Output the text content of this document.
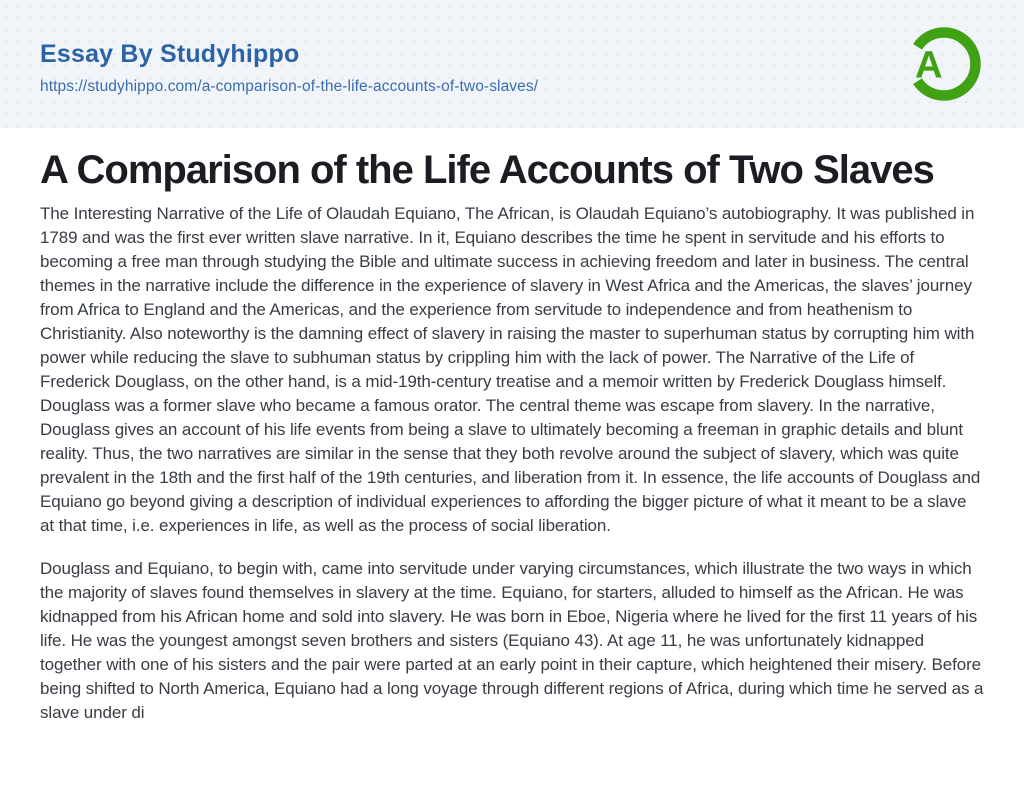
Essay By Studyhippo
https://studyhippo.com/a-comparison-of-the-life-accounts-of-two-slaves/	A
A Comparison of the Life Accounts of Two Slaves

The Interesting Narrative of the Life of Olaudah Equiano, The African, is Olaudah Equiano’s autobiography. It was published in 1789 and was the first ever written slave narrative. In it, Equiano describes the time he spent in servitude and his efforts to becoming a free man through studying the Bible and ultimate success in achieving freedom and later in business. The central themes in the narrative include the difference in the experience of slavery in West Africa and the Americas, the slaves’ journey from Africa to England and the Americas, and the experience from servitude to independence and from heathenism to Christianity. Also noteworthy is the damning effect of slavery in raising the master to superhuman status by corrupting him with power while reducing the slave to subhuman status by crippling him with the lack of power. The Narrative of the Life of Frederick Douglass, on the other hand, is a mid-19th-century treatise and a memoir written by Frederick Douglass himself. Douglass was a former slave who became a famous orator. The central theme was escape from slavery. In the narrative, Douglass gives an account of his life events from being a slave to ultimately becoming a freeman in graphic details and blunt reality. Thus, the two narratives are similar in the sense that they both revolve around the subject of slavery, which was quite prevalent in the 18th and the first half of the 19th centuries, and liberation from it. In essence, the life accounts of Douglass and Equiano go beyond giving a description of individual experiences to affording the bigger picture of what it meant to be a slave at that time, i.e. experiences in life, as well as the process of social liberation.

Douglass and Equiano, to begin with, came into servitude under varying circumstances, which illustrate the two ways in which the majority of slaves found themselves in slavery at the time. Equiano, for starters, alluded to himself as the African. He was kidnapped from his African home and sold into slavery. He was born in Eboe, Nigeria where he lived for the first 11 years of his life. He was the youngest amongst seven brothers and sisters (Equiano 43). At age 11, he was unfortunately kidnapped together with one of his sisters and the pair were parted at an early point in their capture, which heightened their misery. Before being shifted to North America, Equiano had a long voyage through different regions of Africa, during which time he served as a slave under di
